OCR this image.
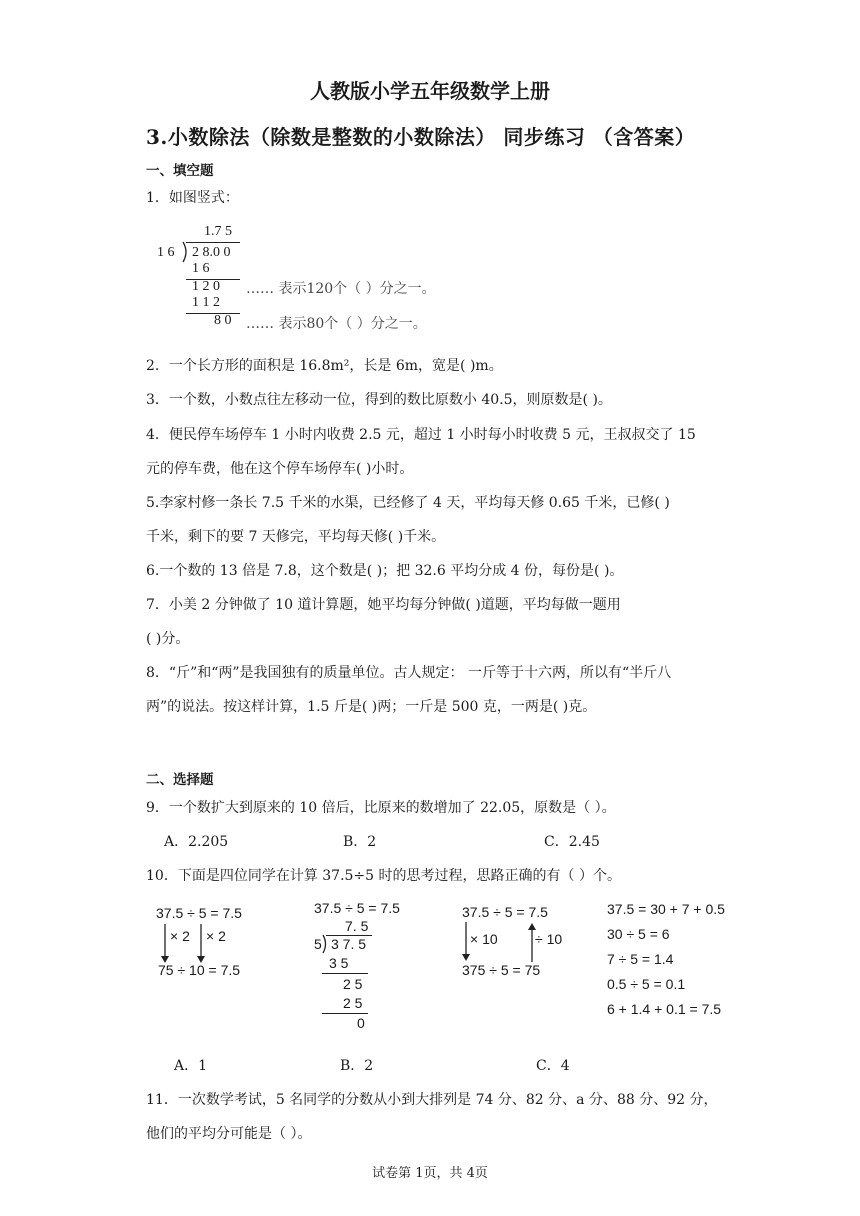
人教版小学五年级数学上册
3.小数除法（除数是整数的小数除法） 同步练习 （含答案）
一、填空题
1．如图竖式：
1.7 5
1 6 2 8.0 0
1 6
1 2 0 …… 表示120个（ ）分之一。
1 1 2
8 0 …… 表示80个（ ）分之一。
2．一个长方形的面积是 16.8m²，长是 6m，宽是( )m。
3．一个数，小数点往左移动一位，得到的数比原数小 40.5，则原数是( )。
4．便民停车场停车 1 小时内收费 2.5 元，超过 1 小时每小时收费 5 元，王叔叔交了 15
元的停车费，他在这个停车场停车( )小时。
5.李家村修一条长 7.5 千米的水渠，已经修了 4 天，平均每天修 0.65 千米，已修( )
千米，剩下的要 7 天修完，平均每天修( )千米。
6.一个数的 13 倍是 7.8，这个数是( )；把 32.6 平均分成 4 份，每份是( )。
7．小美 2 分钟做了 10 道计算题，她平均每分钟做( )道题，平均每做一题用
( )分。
8．“斤”和“两”是我国独有的质量单位。古人规定： 一斤等于十六两，所以有“半斤八
两”的说法。按这样计算，1.5 斤是( )两；一斤是 500 克，一两是( )克。
二、选择题
9．一个数扩大到原来的 10 倍后，比原来的数增加了 22.05，原数是（ ）。
A．2.205	B．2	C．2.45
10．下面是四位同学在计算 37.5÷5 时的思考过程，思路正确的有（ ）个。
37.5 ÷ 5 = 7.5
× 2 × 2
75 ÷ 10 = 7.5
37.5 ÷ 5 = 7.5
7. 5
5 3 7. 5
3 5
2 5
2 5
0
37.5 ÷ 5 = 7.5
× 10	÷ 10
375 ÷ 5 = 75
37.5 = 30 + 7 + 0.5
30 ÷ 5 = 6
7 ÷ 5 = 1.4
0.5 ÷ 5 = 0.1
6 + 1.4 + 0.1 = 7.5
A．1	B．2	C．4
11．一次数学考试，5 名同学的分数从小到大排列是 74 分、82 分、a 分、88 分、92 分，
他们的平均分可能是（ ）。
试卷第 1页，共 4页
